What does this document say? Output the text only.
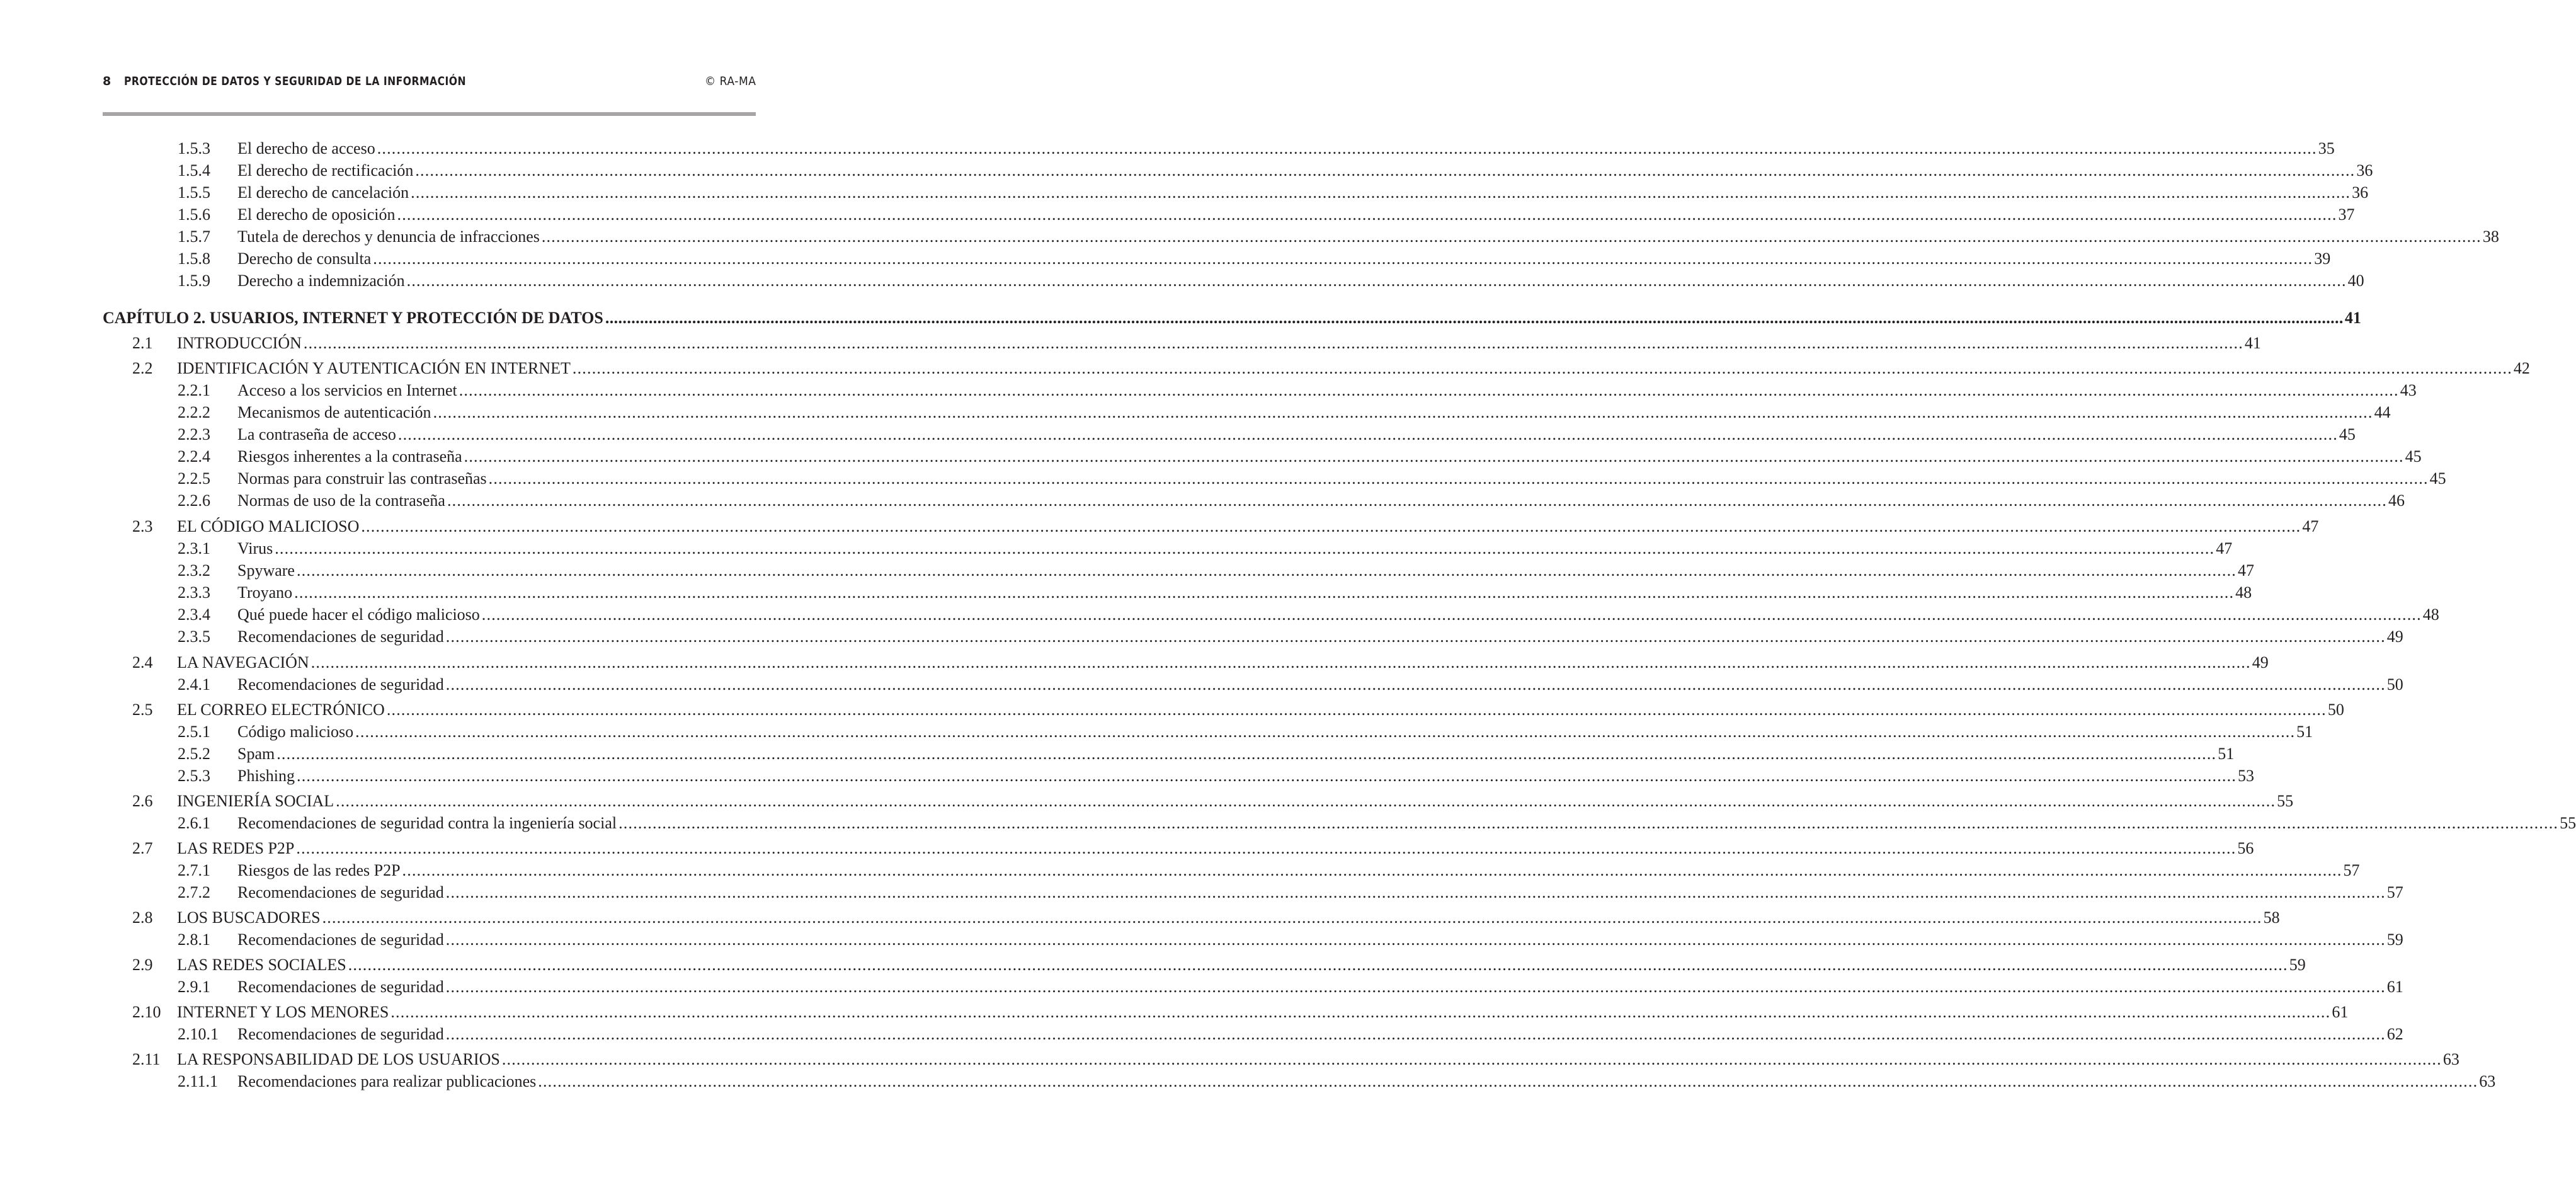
8 PROTECCIÓN DE DATOS Y SEGURIDAD DE LA INFORMACIÓN	© RA-MA
1.5.3 El derecho de acceso ................................................................................................................................................................................................................................................................................................................................................................................................................ 35
1.5.4 El derecho de rectificación ................................................................................................................................................................................................................................................................................................................................................................................................................ 36
1.5.5 El derecho de cancelación ................................................................................................................................................................................................................................................................................................................................................................................................................ 36
1.5.6 El derecho de oposición ................................................................................................................................................................................................................................................................................................................................................................................................................ 37
1.5.7 Tutela de derechos y denuncia de infracciones ................................................................................................................................................................................................................................................................................................................................................................................................................ 38
1.5.8 Derecho de consulta ................................................................................................................................................................................................................................................................................................................................................................................................................ 39
1.5.9 Derecho a indemnización ................................................................................................................................................................................................................................................................................................................................................................................................................ 40
CAPÍTULO 2. USUARIOS, INTERNET Y PROTECCIÓN DE DATOS ................................................................................................................................................................................................................................................................................................................................................................................................................ 41
2.1 INTRODUCCIÓN ................................................................................................................................................................................................................................................................................................................................................................................................................ 41
2.2 IDENTIFICACIÓN Y AUTENTICACIÓN EN INTERNET ................................................................................................................................................................................................................................................................................................................................................................................................................ 42
2.2.1 Acceso a los servicios en Internet ................................................................................................................................................................................................................................................................................................................................................................................................................ 43
2.2.2 Mecanismos de autenticación ................................................................................................................................................................................................................................................................................................................................................................................................................ 44
2.2.3 La contraseña de acceso ................................................................................................................................................................................................................................................................................................................................................................................................................ 45
2.2.4 Riesgos inherentes a la contraseña ................................................................................................................................................................................................................................................................................................................................................................................................................ 45
2.2.5 Normas para construir las contraseñas ................................................................................................................................................................................................................................................................................................................................................................................................................ 45
2.2.6 Normas de uso de la contraseña ................................................................................................................................................................................................................................................................................................................................................................................................................ 46
2.3 EL CÓDIGO MALICIOSO ................................................................................................................................................................................................................................................................................................................................................................................................................ 47
2.3.1 Virus ................................................................................................................................................................................................................................................................................................................................................................................................................ 47
2.3.2 Spyware ................................................................................................................................................................................................................................................................................................................................................................................................................ 47
2.3.3 Troyano ................................................................................................................................................................................................................................................................................................................................................................................................................ 48
2.3.4 Qué puede hacer el código malicioso ................................................................................................................................................................................................................................................................................................................................................................................................................ 48
2.3.5 Recomendaciones de seguridad ................................................................................................................................................................................................................................................................................................................................................................................................................ 49
2.4 LA NAVEGACIÓN ................................................................................................................................................................................................................................................................................................................................................................................................................ 49
2.4.1 Recomendaciones de seguridad ................................................................................................................................................................................................................................................................................................................................................................................................................ 50
2.5 EL CORREO ELECTRÓNICO ................................................................................................................................................................................................................................................................................................................................................................................................................ 50
2.5.1 Código malicioso ................................................................................................................................................................................................................................................................................................................................................................................................................ 51
2.5.2 Spam ................................................................................................................................................................................................................................................................................................................................................................................................................ 51
2.5.3 Phishing ................................................................................................................................................................................................................................................................................................................................................................................................................ 53
2.6 INGENIERÍA SOCIAL ................................................................................................................................................................................................................................................................................................................................................................................................................ 55
2.6.1 Recomendaciones de seguridad contra la ingeniería social ................................................................................................................................................................................................................................................................................................................................................................................................................ 55
2.7 LAS REDES P2P ................................................................................................................................................................................................................................................................................................................................................................................................................ 56
2.7.1 Riesgos de las redes P2P ................................................................................................................................................................................................................................................................................................................................................................................................................ 57
2.7.2 Recomendaciones de seguridad ................................................................................................................................................................................................................................................................................................................................................................................................................ 57
2.8 LOS BUSCADORES ................................................................................................................................................................................................................................................................................................................................................................................................................ 58
2.8.1 Recomendaciones de seguridad ................................................................................................................................................................................................................................................................................................................................................................................................................ 59
2.9 LAS REDES SOCIALES ................................................................................................................................................................................................................................................................................................................................................................................................................ 59
2.9.1 Recomendaciones de seguridad ................................................................................................................................................................................................................................................................................................................................................................................................................ 61
2.10 INTERNET Y LOS MENORES ................................................................................................................................................................................................................................................................................................................................................................................................................ 61
2.10.1 Recomendaciones de seguridad ................................................................................................................................................................................................................................................................................................................................................................................................................ 62
2.11 LA RESPONSABILIDAD DE LOS USUARIOS ................................................................................................................................................................................................................................................................................................................................................................................................................ 63
2.11.1 Recomendaciones para realizar publicaciones ................................................................................................................................................................................................................................................................................................................................................................................................................ 63
